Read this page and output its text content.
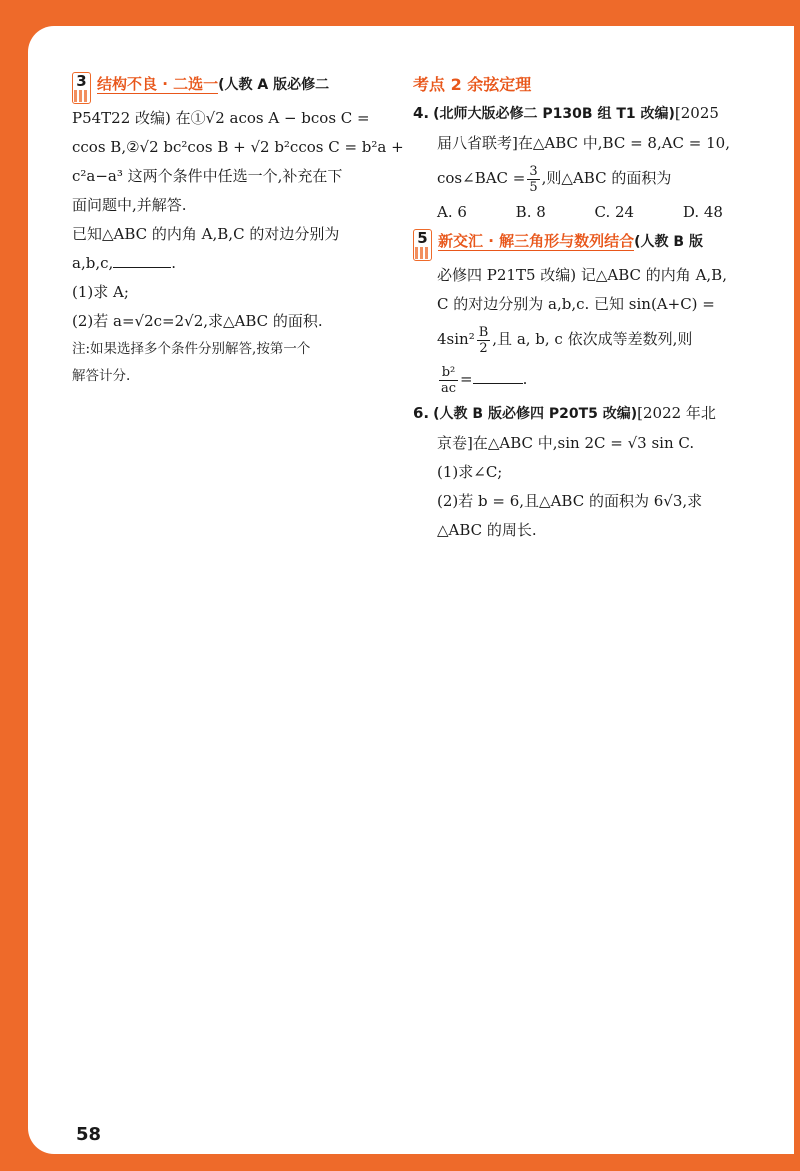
3 结构不良 · 二选一(人教 A 版必修二
P54T22 改编) 在①√2 acos A − bcos C =
ccos B,②√2 bc²cos B + √2 b²ccos C = b²a +
c²a−a³ 这两个条件中任选一个,补充在下
面问题中,并解答.
已知△ABC 的内角 A,B,C 的对边分别为
a,b,c,	.
(1)求 A;
(2)若 a=√2c=2√2,求△ABC 的面积.
注:如果选择多个条件分别解答,按第一个
解答计分.
考点 2 余弦定理
4. (北师大版必修二 P130B 组 T1 改编)[2025
届八省联考]在△ABC 中,BC = 8,AC = 10,
cos∠BAC = $\frac{3}{5}$ ,则△ABC 的面积为
A. 6	B. 8	C. 24	D. 48
5 新交汇 · 解三角形与数列结合(人教 B 版
必修四 P21T5 改编) 记△ABC 的内角 A,B,
C 的对边分别为 a,b,c. 已知 sin(A+C) =
$4\sin^2 \frac{B}{2}$ ,且 a, b, c 依次成等差数列,则
$\frac{\text{b²}}{ac}$ =	.
6. (人教 B 版必修四 P20T5 改编)[2022 年北
京卷]在△ABC 中,sin 2C = √3 sin C.
(1)求∠C;
(2)若 b = 6,且△ABC 的面积为 6√3,求
△ABC 的周长.
58
